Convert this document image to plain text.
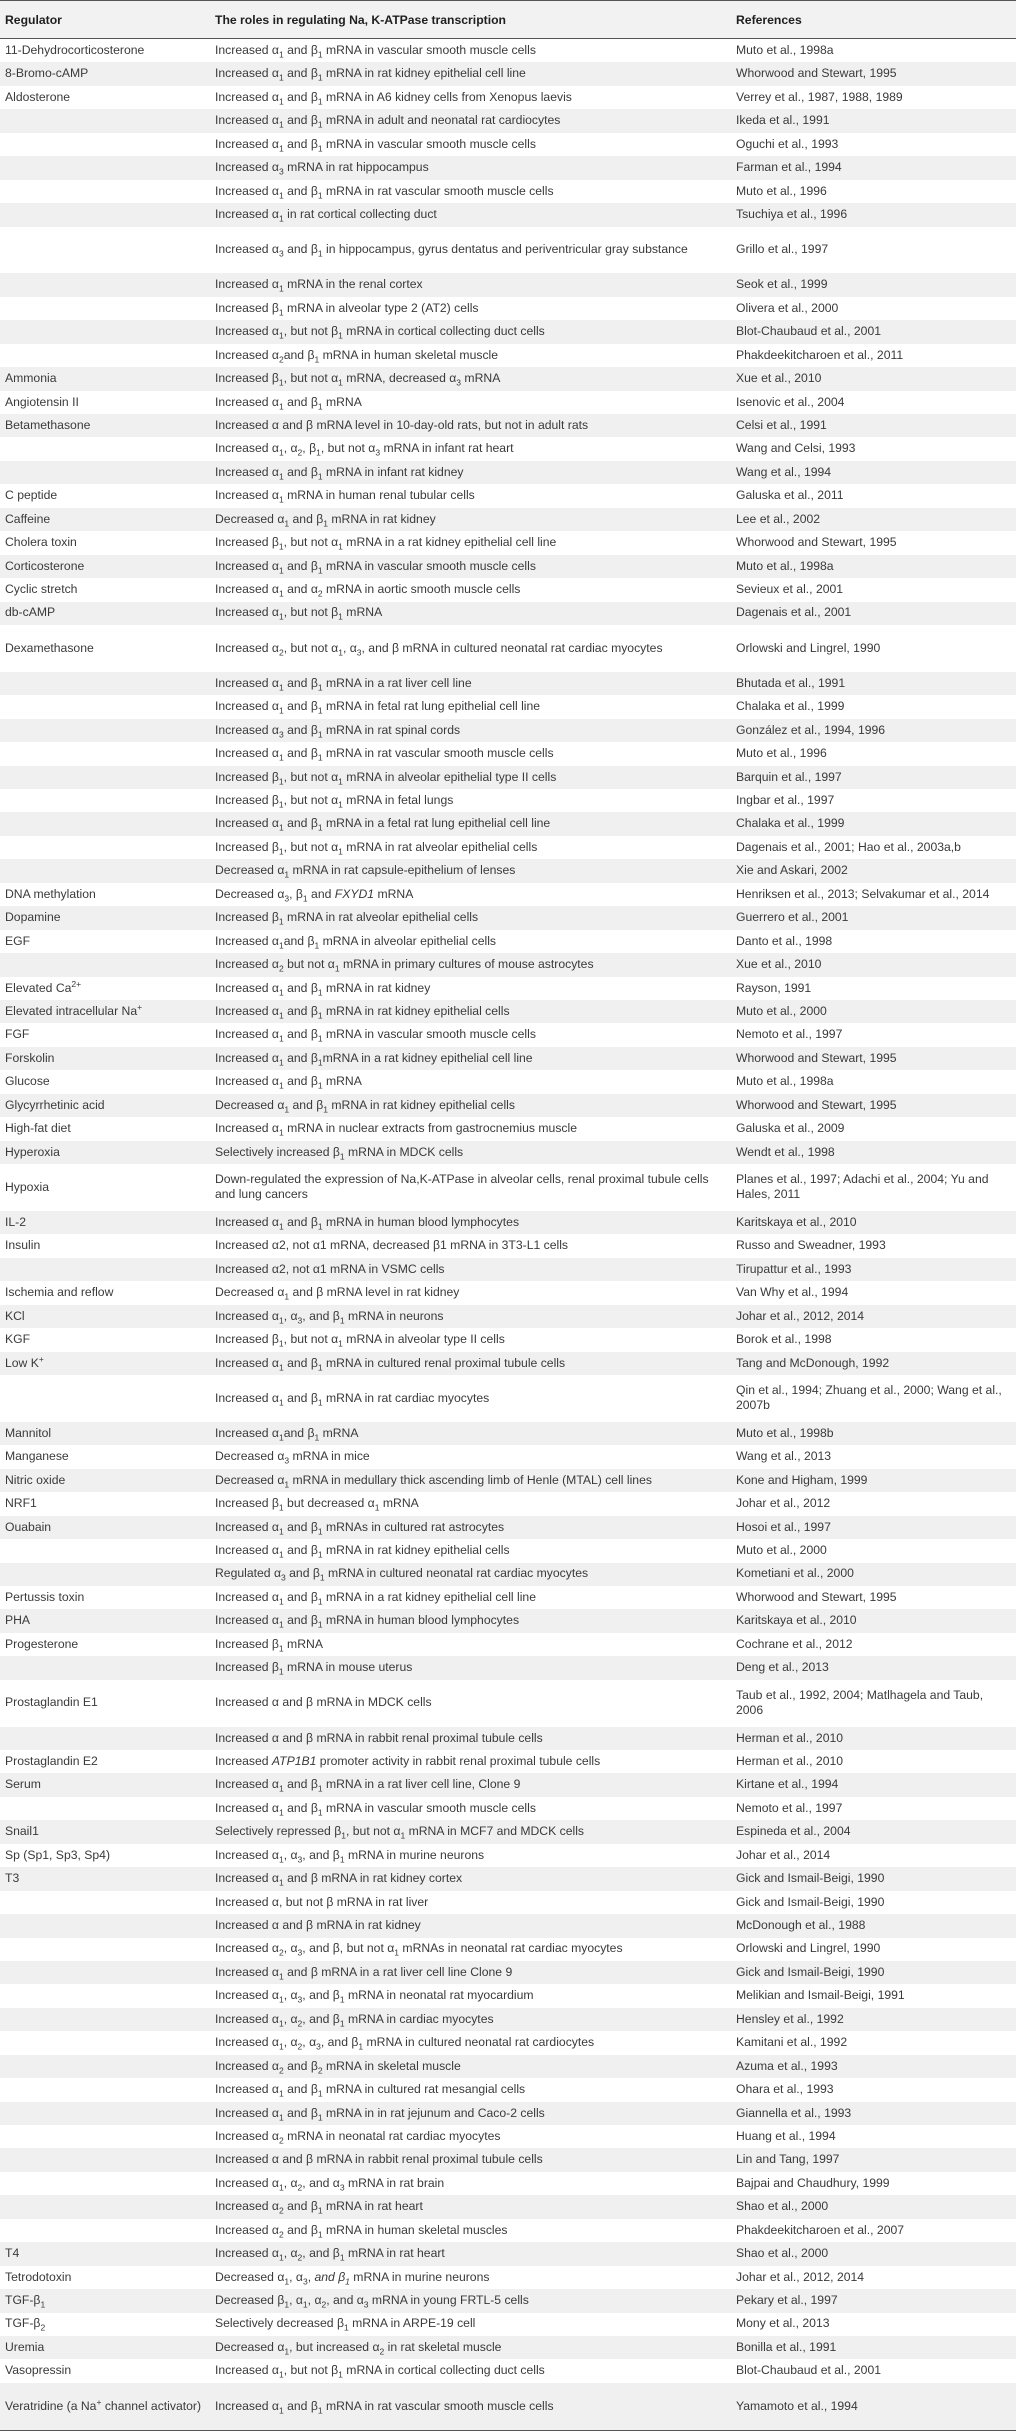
Regulator	The roles in regulating Na, K-ATPase transcription	References
11-Dehydrocorticosterone	Increased $\alpha_1$ and $\beta_1$ mRNA in vascular smooth muscle cells	Muto et al., 1998a
8-Bromo-cAMP	Increased $\alpha_1$ and $\beta_1$ mRNA in rat kidney epithelial cell line	Whorwood and Stewart, 1995
Aldosterone	Increased $\alpha_1$ and $\beta_1$ mRNA in A6 kidney cells from Xenopus laevis	Verrey et al., 1987, 1988, 1989
	Increased $\alpha_1$ and $\beta_1$ mRNA in adult and neonatal rat cardiocytes	Ikeda et al., 1991
	Increased $\alpha_1$ and $\beta_1$ mRNA in vascular smooth muscle cells	Oguchi et al., 1993
	Increased $\alpha_3$ mRNA in rat hippocampus	Farman et al., 1994
	Increased $\alpha_1$ and $\beta_1$ mRNA in rat vascular smooth muscle cells	Muto et al., 1996
	Increased $\alpha_1$ in rat cortical collecting duct	Tsuchiya et al., 1996
	Increased $\alpha_3$ and $\beta_1$ in hippocampus, gyrus dentatus and periventricular gray substance	Grillo et al., 1997
	Increased $\alpha_1$ mRNA in the renal cortex	Seok et al., 1999
	Increased $\beta_1$ mRNA in alveolar type 2 (AT2) cells	Olivera et al., 2000
	Increased $\alpha_1$, but not $\beta_1$ mRNA in cortical collecting duct cells	Blot-Chaubaud et al., 2001
	Increased $\alpha_2and$ $\beta_1$ mRNA in human skeletal muscle	Phakdeekitcharoen et al., 2011
Ammonia	Increased $\beta_1$, but not $\alpha_1$ mRNA, decreased $\alpha_3$ mRNA	Xue et al., 2010
Angiotensin II	Increased $\alpha_1$ and $\beta_1$ mRNA	Isenovic et al., 2004
Betamethasone	Increased α and β mRNA level in 10-day-old rats, but not in adult rats	Celsi et al., 1991
	Increased $\alpha_1$, $\alpha_2$, $\beta_1$, but not $\alpha_3$ mRNA in infant rat heart	Wang and Celsi, 1993
	Increased $\alpha_1$ and $\beta_1$ mRNA in infant rat kidney	Wang et al., 1994
C peptide	Increased $\alpha_1$ mRNA in human renal tubular cells	Galuska et al., 2011
Caffeine	Decreased $\alpha_1$ and $\beta_1$ mRNA in rat kidney	Lee et al., 2002
Cholera toxin	Increased $\beta_1$, but not $\alpha_1$ mRNA in a rat kidney epithelial cell line	Whorwood and Stewart, 1995
Corticosterone	Increased $\alpha_1$ and $\beta_1$ mRNA in vascular smooth muscle cells	Muto et al., 1998a
Cyclic stretch	Increased $\alpha_1$ and $\alpha_2$ mRNA in aortic smooth muscle cells	Sevieux et al., 2001
db-cAMP	Increased $\alpha_1$, but not $\beta_1$ mRNA	Dagenais et al., 2001
Dexamethasone	Increased $\alpha_2$, but not $\alpha_1$, $\alpha_3$, and β mRNA in cultured neonatal rat cardiac myocytes	Orlowski and Lingrel, 1990
	Increased $\alpha_1$ and $\beta_1$ mRNA in a rat liver cell line	Bhutada et al., 1991
	Increased $\alpha_1$ and $\beta_1$ mRNA in fetal rat lung epithelial cell line	Chalaka et al., 1999
	Increased $\alpha_3$ and $\beta_1$ mRNA in rat spinal cords	González et al., 1994, 1996
	Increased $\alpha_1$ and $\beta_1$ mRNA in rat vascular smooth muscle cells	Muto et al., 1996
	Increased $\beta_1$, but not $\alpha_1$ mRNA in alveolar epithelial type II cells	Barquin et al., 1997
	Increased $\beta_1$, but not $\alpha_1$ mRNA in fetal lungs	Ingbar et al., 1997
	Increased $\alpha_1$ and $\beta_1$ mRNA in a fetal rat lung epithelial cell line	Chalaka et al., 1999
	Increased $\beta_1$, but not $\alpha_1$ mRNA in rat alveolar epithelial cells	Dagenais et al., 2001; Hao et al., 2003a,b
	Decreased $\alpha_1$ mRNA in rat capsule-epithelium of lenses	Xie and Askari, 2002
DNA methylation	Decreased $\alpha_3$, $\beta_1$ and FXYD1 mRNA	Henriksen et al., 2013; Selvakumar et al., 2014
Dopamine	Increased $\beta_1$ mRNA in rat alveolar epithelial cells	Guerrero et al., 2001
EGF	Increased $\alpha_1and$ $\beta_1$ mRNA in alveolar epithelial cells	Danto et al., 1998
	Increased $\alpha_2$ but not $\alpha_1$ mRNA in primary cultures of mouse astrocytes	Xue et al., 2010
Elevated $Ca^{2+}$	Increased $\alpha_1$ and $\beta_1$ mRNA in rat kidney	Rayson, 1991
Elevated intracellular Na+	Increased $\alpha_1$ and $\beta_1$ mRNA in rat kidney epithelial cells	Muto et al., 2000
FGF	Increased $\alpha_1$ and $\beta_1$ mRNA in vascular smooth muscle cells	Nemoto et al., 1997
Forskolin	Increased $\alpha_1$ and $\beta_1mRNA$ in a rat kidney epithelial cell line	Whorwood and Stewart, 1995
Glucose	Increased $\alpha_1$ and $\beta_1$ mRNA	Muto et al., 1998a
Glycyrrhetinic acid	Decreased $\alpha_1$ and $\beta_1$ mRNA in rat kidney epithelial cells	Whorwood and Stewart, 1995
High-fat diet	Increased $\alpha_1$ mRNA in nuclear extracts from gastrocnemius muscle	Galuska et al., 2009
Hyperoxia	Selectively increased $\beta_1$ mRNA in MDCK cells	Wendt et al., 1998
Hypoxia	Down-regulated the expression of Na,K-ATPase in alveolar cells, renal proximal tubule cells and lung cancers	Planes et al., 1997; Adachi et al., 2004; Yu and Hales, 2011
IL-2	Increased $\alpha_1$ and $\beta_1$ mRNA in human blood lymphocytes	Karitskaya et al., 2010
Insulin	Increased α2, not α1 mRNA, decreased β1 mRNA in 3T3-L1 cells	Russo and Sweadner, 1993
	Increased α2, not α1 mRNA in VSMC cells	Tirupattur et al., 1993
Ischemia and reflow	Decreased $\alpha_1$ and β mRNA level in rat kidney	Van Why et al., 1994
KCl	Increased $\alpha_1$, $\alpha_3$, and $\beta_1$ mRNA in neurons	Johar et al., 2012, 2014
KGF	Increased $\beta_1$, but not $\alpha_1$ mRNA in alveolar type II cells	Borok et al., 1998
Low K+	Increased $\alpha_1$ and $\beta_1$ mRNA in cultured renal proximal tubule cells	Tang and McDonough, 1992
	Increased $\alpha_1$ and $\beta_1$ mRNA in rat cardiac myocytes	Qin et al., 1994; Zhuang et al., 2000; Wang et al., 2007b
Mannitol	Increased $\alpha_1and$ $\beta_1$ mRNA	Muto et al., 1998b
Manganese	Decreased $\alpha_3$ mRNA in mice	Wang et al., 2013
Nitric oxide	Decreased $\alpha_1$ mRNA in medullary thick ascending limb of Henle (MTAL) cell lines	Kone and Higham, 1999
NRF1	Increased $\beta_1$ but decreased $\alpha_1$ mRNA	Johar et al., 2012
Ouabain	Increased $\alpha_1$ and $\beta_1$ mRNAs in cultured rat astrocytes	Hosoi et al., 1997
	Increased $\alpha_1$ and $\beta_1$ mRNA in rat kidney epithelial cells	Muto et al., 2000
	Regulated $\alpha_3$ and $\beta_1$ mRNA in cultured neonatal rat cardiac myocytes	Kometiani et al., 2000
Pertussis toxin	Increased $\alpha_1$ and $\beta_1$ mRNA in a rat kidney epithelial cell line	Whorwood and Stewart, 1995
PHA	Increased $\alpha_1$ and $\beta_1$ mRNA in human blood lymphocytes	Karitskaya et al., 2010
Progesterone	Increased $\beta_1$ mRNA	Cochrane et al., 2012
	Increased $\beta_1$ mRNA in mouse uterus	Deng et al., 2013
Prostaglandin E1	Increased α and β mRNA in MDCK cells	Taub et al., 1992, 2004; Matlhagela and Taub, 2006
	Increased α and β mRNA in rabbit renal proximal tubule cells	Herman et al., 2010
Prostaglandin E2	Increased ATP1B1 promoter activity in rabbit renal proximal tubule cells	Herman et al., 2010
Serum	Increased $\alpha_1$ and $\beta_1$ mRNA in a rat liver cell line, Clone 9	Kirtane et al., 1994
	Increased $\alpha_1$ and $\beta_1$ mRNA in vascular smooth muscle cells	Nemoto et al., 1997
Snail1	Selectively repressed $\beta_1$, but not $\alpha_1$ mRNA in MCF7 and MDCK cells	Espineda et al., 2004
Sp (Sp1, Sp3, Sp4)	Increased $\alpha_1$, $\alpha_3$, and $\beta_1$ mRNA in murine neurons	Johar et al., 2014
T3	Increased $\alpha_1$ and β mRNA in rat kidney cortex	Gick and Ismail-Beigi, 1990
	Increased α, but not β mRNA in rat liver	Gick and Ismail-Beigi, 1990
	Increased α and β mRNA in rat kidney	McDonough et al., 1988
	Increased $\alpha_2$, $\alpha_3$, and β, but not $\alpha_1$ mRNAs in neonatal rat cardiac myocytes	Orlowski and Lingrel, 1990
	Increased $\alpha_1$ and β mRNA in a rat liver cell line Clone 9	Gick and Ismail-Beigi, 1990
	Increased $\alpha_1$, $\alpha_3$, and $\beta_1$ mRNA in neonatal rat myocardium	Melikian and Ismail-Beigi, 1991
	Increased $\alpha_1$, $\alpha_2$, and $\beta_1$ mRNA in cardiac myocytes	Hensley et al., 1992
	Increased $\alpha_1$, $\alpha_2$, $\alpha_3$, and $\beta_1$ mRNA in cultured neonatal rat cardiocytes	Kamitani et al., 1992
	Increased $\alpha_2$ and $\beta_2$ mRNA in skeletal muscle	Azuma et al., 1993
	Increased $\alpha_1$ and $\beta_1$ mRNA in cultured rat mesangial cells	Ohara et al., 1993
	Increased $\alpha_1$ and $\beta_1$ mRNA in in rat jejunum and Caco-2 cells	Giannella et al., 1993
	Increased $\alpha_2$ mRNA in neonatal rat cardiac myocytes	Huang et al., 1994
	Increased α and β mRNA in rabbit renal proximal tubule cells	Lin and Tang, 1997
	Increased $\alpha_1$, $\alpha_2$, and $\alpha_3$ mRNA in rat brain	Bajpai and Chaudhury, 1999
	Increased $\alpha_2$ and $\beta_1$ mRNA in rat heart	Shao et al., 2000
	Increased $\alpha_2$ and $\beta_1$ mRNA in human skeletal muscles	Phakdeekitcharoen et al., 2007
T4	Increased $\alpha_1$, $\alpha_2$, and $\beta_1$ mRNA in rat heart	Shao et al., 2000
Tetrodotoxin	Decreased $\alpha_1$, $\alpha_3$, and $\beta_1$ mRNA in murine neurons	Johar et al., 2012, 2014
TGF-$\beta_1$	Decreased $\beta_1$, $\alpha_1$, $\alpha_2$, and $\alpha_3$ mRNA in young FRTL-5 cells	Pekary et al., 1997
TGF-$\beta_2$	Selectively decreased $\beta_1$ mRNA in ARPE-19 cell	Mony et al., 2013
Uremia	Decreased $\alpha_1$, but increased $\alpha_2$ in rat skeletal muscle	Bonilla et al., 1991
Vasopressin	Increased $\alpha_1$, but not $\beta_1$ mRNA in cortical collecting duct cells	Blot-Chaubaud et al., 2001
Veratridine (a Na+ channel activator)	Increased $\alpha_1$ and $\beta_1$ mRNA in rat vascular smooth muscle cells	Yamamoto et al., 1994
